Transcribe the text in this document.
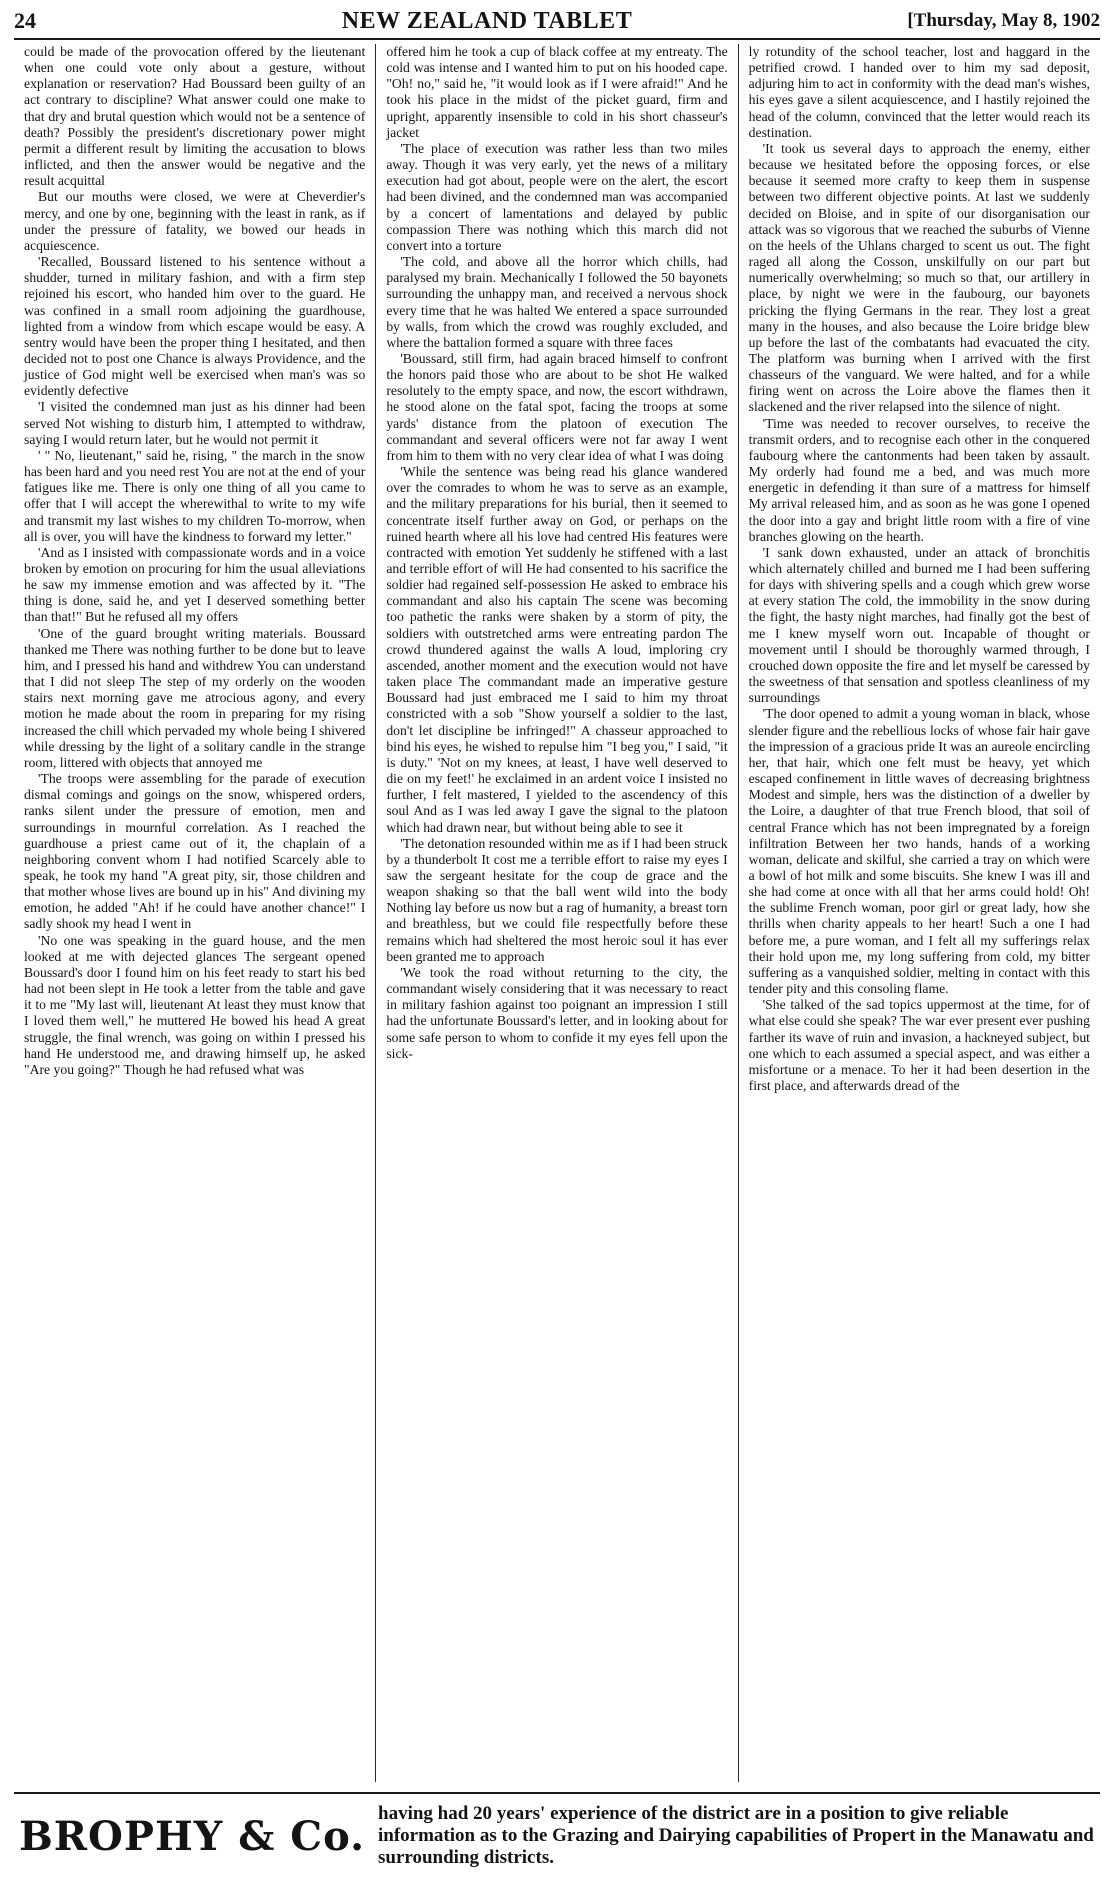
24	NEW ZEALAND TABLET	[Thursday, May 8, 1902

could be made of the provocation offered by the lieutenant when one could vote only about a gesture, without explanation or reservation? Had Boussard been guilty of an act contrary to discipline? What answer could one make to that dry and brutal question which would not be a sentence of death? Possibly the president's discretionary power might permit a different result by limiting the accusation to blows inflicted, and then the answer would be negative and the result acquittal

But our mouths were closed, we were at Cheverdier's mercy, and one by one, beginning with the least in rank, as if under the pressure of fatality, we bowed our heads in acquiescence.

'Recalled, Boussard listened to his sentence without a shudder, turned in military fashion, and with a firm step rejoined his escort, who handed him over to the guard. He was confined in a small room adjoining the guardhouse, lighted from a window from which escape would be easy. A sentry would have been the proper thing I hesitated, and then decided not to post one Chance is always Providence, and the justice of God might well be exercised when man's was so evidently defective

'I visited the condemned man just as his dinner had been served Not wishing to disturb him, I attempted to withdraw, saying I would return later, but he would not permit it

' " No, lieutenant," said he, rising, " the march in the snow has been hard and you need rest You are not at the end of your fatigues like me. There is only one thing of all you came to offer that I will accept the wherewithal to write to my wife and transmit my last wishes to my children To-morrow, when all is over, you will have the kindness to forward my letter."

'And as I insisted with compassionate words and in a voice broken by emotion on procuring for him the usual alleviations he saw my immense emotion and was affected by it. "The thing is done, said he, and yet I deserved something better than that!" But he refused all my offers

'One of the guard brought writing materials. Boussard thanked me There was nothing further to be done but to leave him, and I pressed his hand and withdrew You can understand that I did not sleep The step of my orderly on the wooden stairs next morning gave me atrocious agony, and every motion he made about the room in preparing for my rising increased the chill which pervaded my whole being I shivered while dressing by the light of a solitary candle in the strange room, littered with objects that annoyed me

'The troops were assembling for the parade of execution dismal comings and goings on the snow, whispered orders, ranks silent under the pressure of emotion, men and surroundings in mournful correlation. As I reached the guardhouse a priest came out of it, the chaplain of a neighboring convent whom I had notified Scarcely able to speak, he took my hand "A great pity, sir, those children and that mother whose lives are bound up in his" And divining my emotion, he added "Ah! if he could have another chance!" I sadly shook my head I went in

'No one was speaking in the guard house, and the men looked at me with dejected glances The sergeant opened Boussard's door I found him on his feet ready to start his bed had not been slept in He took a letter from the table and gave it to me "My last will, lieutenant At least they must know that I loved them well," he muttered He bowed his head A great struggle, the final wrench, was going on within I pressed his hand He understood me, and drawing himself up, he asked "Are you going?" Though he had refused what was

offered him he took a cup of black coffee at my entreaty. The cold was intense and I wanted him to put on his hooded cape. "Oh! no," said he, "it would look as if I were afraid!" And he took his place in the midst of the picket guard, firm and upright, apparently insensible to cold in his short chasseur's jacket

'The place of execution was rather less than two miles away. Though it was very early, yet the news of a military execution had got about, people were on the alert, the escort had been divined, and the condemned man was accompanied by a concert of lamentations and delayed by public compassion There was nothing which this march did not convert into a torture

'The cold, and above all the horror which chills, had paralysed my brain. Mechanically I followed the 50 bayonets surrounding the unhappy man, and received a nervous shock every time that he was halted We entered a space surrounded by walls, from which the crowd was roughly excluded, and where the battalion formed a square with three faces

'Boussard, still firm, had again braced himself to confront the honors paid those who are about to be shot He walked resolutely to the empty space, and now, the escort withdrawn, he stood alone on the fatal spot, facing the troops at some yards' distance from the platoon of execution The commandant and several officers were not far away I went from him to them with no very clear idea of what I was doing

'While the sentence was being read his glance wandered over the comrades to whom he was to serve as an example, and the military preparations for his burial, then it seemed to concentrate itself further away on God, or perhaps on the ruined hearth where all his love had centred His features were contracted with emotion Yet suddenly he stiffened with a last and terrible effort of will He had consented to his sacrifice the soldier had regained self-possession He asked to embrace his commandant and also his captain The scene was becoming too pathetic the ranks were shaken by a storm of pity, the soldiers with outstretched arms were entreating pardon The crowd thundered against the walls A loud, imploring cry ascended, another moment and the execution would not have taken place The commandant made an imperative gesture Boussard had just embraced me I said to him my throat constricted with a sob "Show yourself a soldier to the last, don't let discipline be infringed!" A chasseur approached to bind his eyes, he wished to repulse him "I beg you," I said, "it is duty." 'Not on my knees, at least, I have well deserved to die on my feet!' he exclaimed in an ardent voice I insisted no further, I felt mastered, I yielded to the ascendency of this soul And as I was led away I gave the signal to the platoon which had drawn near, but without being able to see it

'The detonation resounded within me as if I had been struck by a thunderbolt It cost me a terrible effort to raise my eyes I saw the sergeant hesitate for the coup de grace and the weapon shaking so that the ball went wild into the body Nothing lay before us now but a rag of humanity, a breast torn and breathless, but we could file respectfully before these remains which had sheltered the most heroic soul it has ever been granted me to approach

'We took the road without returning to the city, the commandant wisely considering that it was necessary to react in military fashion against too poignant an impression I still had the unfortunate Boussard's letter, and in looking about for some safe person to whom to confide it my eyes fell upon the sick-

ly rotundity of the school teacher, lost and haggard in the petrified crowd. I handed over to him my sad deposit, adjuring him to act in conformity with the dead man's wishes, his eyes gave a silent acquiescence, and I hastily rejoined the head of the column, convinced that the letter would reach its destination.

'It took us several days to approach the enemy, either because we hesitated before the opposing forces, or else because it seemed more crafty to keep them in suspense between two different objective points. At last we suddenly decided on Bloise, and in spite of our disorganisation our attack was so vigorous that we reached the suburbs of Vienne on the heels of the Uhlans charged to scent us out. The fight raged all along the Cosson, unskilfully on our part but numerically overwhelming; so much so that, our artillery in place, by night we were in the faubourg, our bayonets pricking the flying Germans in the rear. They lost a great many in the houses, and also because the Loire bridge blew up before the last of the combatants had evacuated the city. The platform was burning when I arrived with the first chasseurs of the vanguard. We were halted, and for a while firing went on across the Loire above the flames then it slackened and the river relapsed into the silence of night.

'Time was needed to recover ourselves, to receive the transmit orders, and to recognise each other in the conquered faubourg where the cantonments had been taken by assault. My orderly had found me a bed, and was much more energetic in defending it than sure of a mattress for himself My arrival released him, and as soon as he was gone I opened the door into a gay and bright little room with a fire of vine branches glowing on the hearth.

'I sank down exhausted, under an attack of bronchitis which alternately chilled and burned me I had been suffering for days with shivering spells and a cough which grew worse at every station The cold, the immobility in the snow during the fight, the hasty night marches, had finally got the best of me I knew myself worn out. Incapable of thought or movement until I should be thoroughly warmed through, I crouched down opposite the fire and let myself be caressed by the sweetness of that sensation and spotless cleanliness of my surroundings

'The door opened to admit a young woman in black, whose slender figure and the rebellious locks of whose fair hair gave the impression of a gracious pride It was an aureole encircling her, that hair, which one felt must be heavy, yet which escaped confinement in little waves of decreasing brightness Modest and simple, hers was the distinction of a dweller by the Loire, a daughter of that true French blood, that soil of central France which has not been impregnated by a foreign infiltration Between her two hands, hands of a working woman, delicate and skilful, she carried a tray on which were a bowl of hot milk and some biscuits. She knew I was ill and she had come at once with all that her arms could hold! Oh! the sublime French woman, poor girl or great lady, how she thrills when charity appeals to her heart! Such a one I had before me, a pure woman, and I felt all my sufferings relax their hold upon me, my long suffering from cold, my bitter suffering as a vanquished soldier, melting in contact with this tender pity and this consoling flame.

'She talked of the sad topics uppermost at the time, for of what else could she speak? The war ever present ever pushing farther its wave of ruin and invasion, a hackneyed subject, but one which to each assumed a special aspect, and was either a misfortune or a menace. To her it had been desertion in the first place, and afterwards dread of the

BROPHY & Co. having had 20 years' experience of the district are in a position to give reliable information as to the Grazing and Dairying capabilities of Propert in the Manawatu and surrounding districts.
